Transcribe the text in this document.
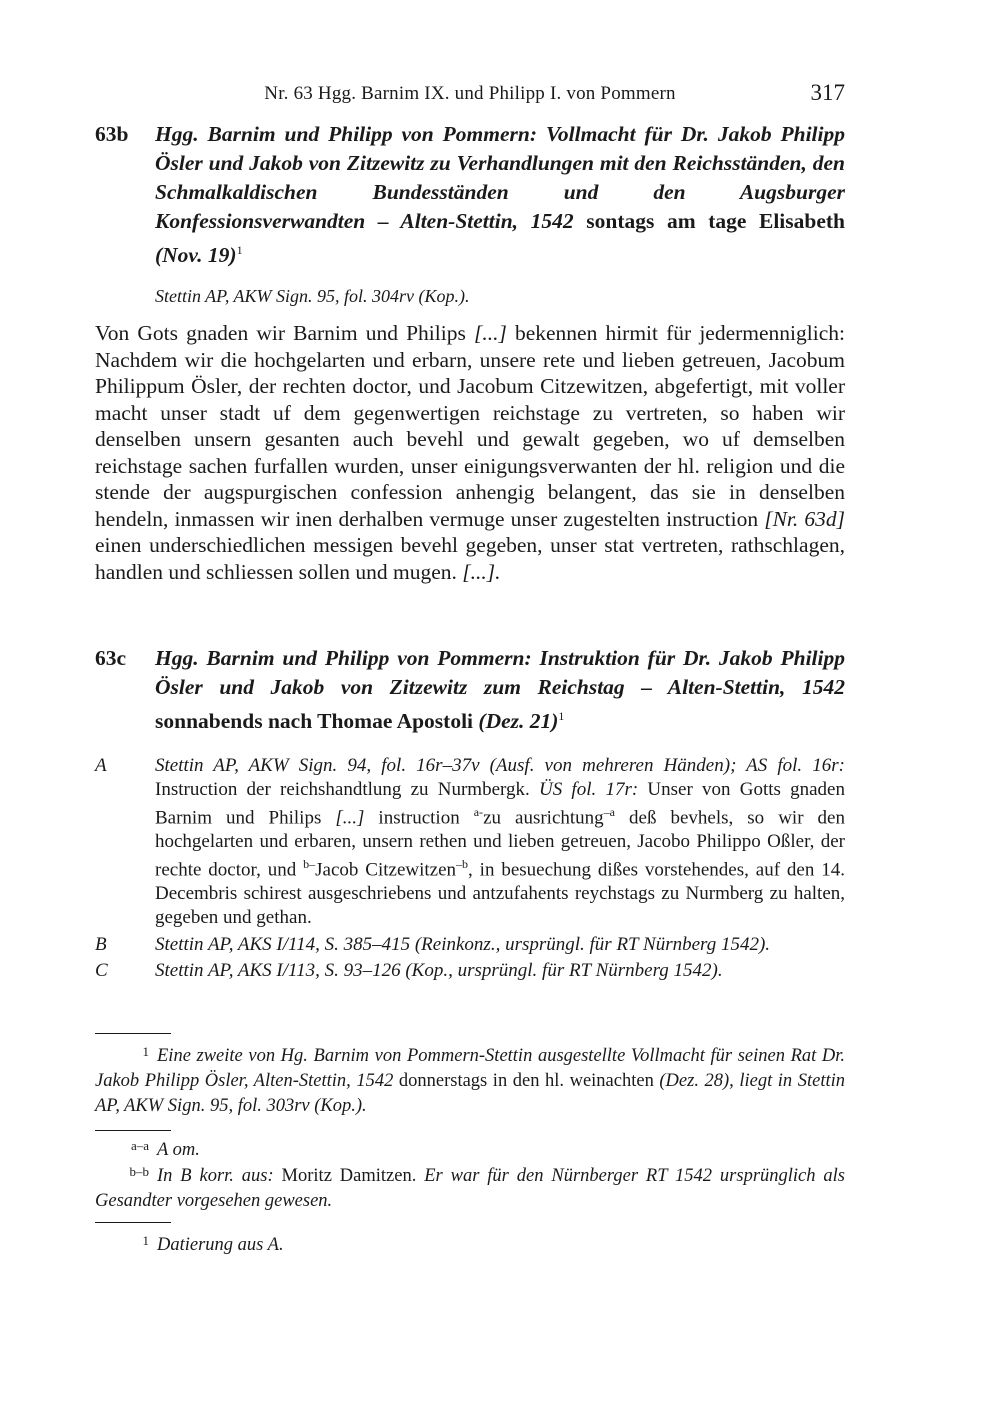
Nr. 63 Hgg. Barnim IX. und Philipp I. von Pommern	317
63b Hgg. Barnim und Philipp von Pommern: Vollmacht für Dr. Jakob Philipp Ösler und Jakob von Zitzewitz zu Verhandlungen mit den Reichsständen, den Schmalkaldischen Bundesständen und den Augsburger Konfessionsverwandten – Alten-Stettin, 1542 sontags am tage Elisabeth (Nov. 19)$^1$
Stettin AP, AKW Sign. 95, fol. 304rv (Kop.).
Von Gots gnaden wir Barnim und Philips [...] bekennen hirmit für jedermenniglich: Nachdem wir die hochgelarten und erbarn, unsere rete und lieben getreuen, Jacobum Philippum Ösler, der rechten doctor, und Jacobum Citzewitzen, abgefertigt, mit voller macht unser stadt uf dem gegenwertigen reichstage zu vertreten, so haben wir denselben unsern gesanten auch bevehl und gewalt gegeben, wo uf demselben reichstage sachen furfallen wurden, unser einigungsverwanten der hl. religion und die stende der augspurgischen confession anhengig belangent, das sie in denselben hendeln, inmassen wir inen derhalben vermuge unser zugestelten instruction [Nr. 63d] einen underschiedlichen messigen bevehl gegeben, unser stat vertreten, rathschlagen, handlen und schliessen sollen und mugen. [...].
63c Hgg. Barnim und Philipp von Pommern: Instruktion für Dr. Jakob Philipp Ösler und Jakob von Zitzewitz zum Reichstag – Alten-Stettin, 1542 sonnabends nach Thomae Apostoli (Dez. 21)$^1$
A	Stettin AP, AKW Sign. 94, fol. 16r–37v (Ausf. von mehreren Händen); AS fol. 16r: Instruction der reichshandtlung zu Nurmbergk. ÜS fol. 17r: Unser von Gotts gnaden Barnim und Philips [...] instruction $^{a-}$zu ausrichtung$^{-a}$ deß bevhels, so wir den hochgelarten und erbaren, unsern rethen und lieben getreuen, Jacobo Philippo Oßler, der rechte doctor, und $^{b-}$Jacob Citzewitzen$^{-b}$, in besuechung dißes vorstehendes, auf den 14. Decembris schirest ausgeschriebens und antzufahents reychstags zu Nurmberg zu halten, gegeben und gethan.
B	Stettin AP, AKS I/114, S. 385–415 (Reinkonz., ursprüngl. für RT Nürnberg 1542).
C Stettin AP, AKS I/113, S. 93–126 (Kop., ursprüngl. für RT Nürnberg 1542).
1 Eine zweite von Hg. Barnim von Pommern-Stettin ausgestellte Vollmacht für seinen Rat Dr. Jakob Philipp Ösler, Alten-Stettin, 1542 donnerstags in den hl. weinachten (Dez. 28), liegt in Stettin AP, AKW Sign. 95, fol. 303rv (Kop.).
a–a A om.
b–b In B korr. aus: Moritz Damitzen. Er war für den Nürnberger RT 1542 ursprünglich als Gesandter vorgesehen gewesen.
1 Datierung aus A.
